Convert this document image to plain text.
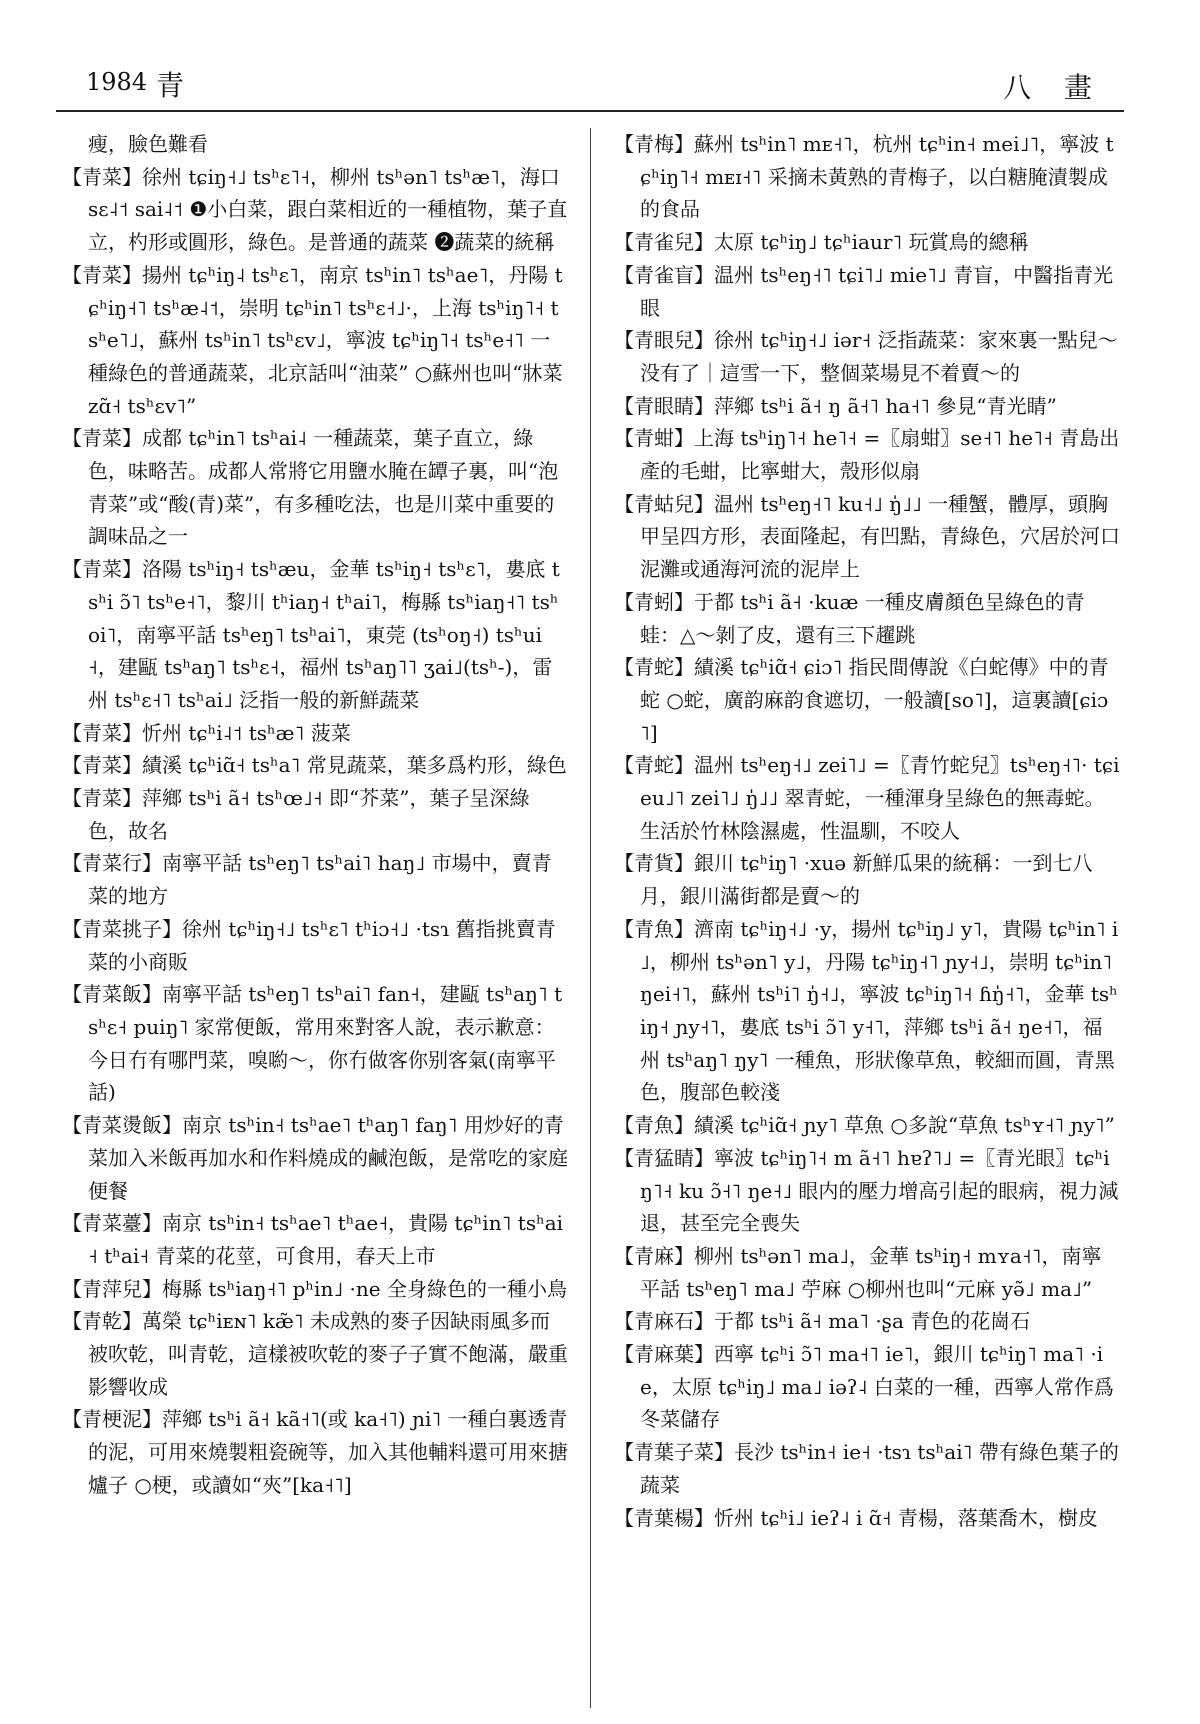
1984 青	八 畫

瘦，臉色難看

【青菜】徐州 tɕiŋ˧˩ tsʰɛ˥˧，柳州 tsʰən˥ tsʰæ˥，海口 sɛ˨˦ sai˨˦ ❶小白菜，跟白菜相近的一種植物，葉子直立，杓形或圓形，綠色。是普通的蔬菜 ❷蔬菜的統稱

【青菜】揚州 tɕʰiŋ˨ tsʰɛ˥，南京 tsʰin˥ tsʰae˥，丹陽 tɕʰiŋ˧˥ tsʰæ˨˦，崇明 tɕʰin˥ tsʰɛ˧˩·，上海 tsʰiŋ˥˧ tsʰe˥˩，蘇州 tsʰin˥ tsʰɛᴠ˩，寧波 tɕʰiŋ˥˧ tsʰe˧˥ 一種綠色的普通蔬菜，北京話叫“油菜” ○蘇州也叫“牀菜 zɑ̃˧ tsʰɛᴠ˥”

【青菜】成都 tɕʰin˥ tsʰai˨ 一種蔬菜，葉子直立，綠色，味略苦。成都人常將它用鹽水腌在罈子裏，叫“泡青菜”或“酸(青)菜”，有多種吃法，也是川菜中重要的調味品之一

【青菜】洛陽 tsʰiŋ˧ tsʰæu，金華 tsʰiŋ˧ tsʰɛ˥，婁底 tsʰi ɔ̃˥ tsʰe˧˥，黎川 tʰiaŋ˧ tʰai˥，梅縣 tsʰiaŋ˧˥ tsʰoi˥，南寧平話 tsʰeŋ˥ tsʰai˥，東莞 (tsʰoŋ˧) tsʰui˧，建甌 tsʰaŋ˥ tsʰɛ˧，福州 tsʰaŋ˥˥ ʒai˩(tsʰ-)，雷州 tsʰɛ˧˥ tsʰai˩ 泛指一般的新鮮蔬菜

【青菜】忻州 tɕʰi˨˦ tsʰæ˥ 菠菜

【青菜】績溪 tɕʰiɑ̃˧ tsʰa˥ 常見蔬菜，葉多爲杓形，綠色

【青菜】萍鄉 tsʰi ã˧ tsʰœ˩˧ 即“芥菜”，葉子呈深綠色，故名

【青菜行】南寧平話 tsʰeŋ˥ tsʰai˥ haŋ˩ 市場中，賣青菜的地方

【青菜挑子】徐州 tɕʰiŋ˧˩ tsʰɛ˥ tʰiɔ˧˩ ·tsɿ 舊指挑賣青菜的小商販

【青菜飯】南寧平話 tsʰeŋ˥ tsʰai˥ fan˧，建甌 tsʰaŋ˥ tsʰɛ˧ puiŋ˥ 家常便飯，常用來對客人說，表示歉意：今日冇有哪門菜，嗅喲～，你冇做客你别客氣(南寧平話)

【青菜燙飯】南京 tsʰin˧ tsʰae˥ tʰaŋ˥ faŋ˥ 用炒好的青菜加入米飯再加水和作料燒成的鹹泡飯，是常吃的家庭便餐

【青菜薹】南京 tsʰin˧ tsʰae˥ tʰae˧，貴陽 tɕʰin˥ tsʰai˧ tʰai˧ 青菜的花莖，可食用，春天上市

【青萍兒】梅縣 tsʰiaŋ˧˥ pʰin˩ ·ne 全身綠色的一種小鳥

【青乾】萬榮 tɕʰiᴇɴ˥ kæ̃˥ 未成熟的麥子因缺雨風多而被吹乾，叫青乾，這樣被吹乾的麥子子實不飽滿，嚴重影響收成

【青梗泥】萍鄉 tsʰi ã˧ kã˧˥(或 ka˧˥) ɲi˥ 一種白裏透青的泥，可用來燒製粗瓷碗等，加入其他輔料還可用來搪爐子 ○梗，或讀如“夾”[ka˧˥]

【青梅】蘇州 tsʰin˥ mᴇ˧˥，杭州 tɕʰin˧ mei˩˥，寧波 tɕʰiŋ˥˧ mᴇɪ˧˥ 采摘未黃熟的青梅子，以白糖腌漬製成的食品

【青雀兒】太原 tɕʰiŋ˩ tɕʰiaur˥ 玩賞鳥的總稱

【青雀盲】温州 tsʰeŋ˧˥ tɕi˥˩ mie˥˩ 青盲，中醫指青光眼

【青眼兒】徐州 tɕʰiŋ˧˩ iər˧ 泛指蔬菜：家來裏一點兒～没有了｜這雪一下，整個菜場見不着賣～的

【青眼睛】萍鄉 tsʰi ã˧ ŋ ã˧˥ ha˧˥ 參見“青光睛”

【青蚶】上海 tsʰiŋ˥˧ he˥˧ =〖扇蚶〗se˧˥ he˥˧ 青島出產的毛蚶，比寧蚶大，殼形似扇

【青蛄兒】温州 tsʰeŋ˧˥ ku˧˩ ŋ̍˩˩ 一種蟹，體厚，頭胸甲呈四方形，表面隆起，有凹點，青綠色，穴居於河口泥灘或通海河流的泥岸上

【青蚓】于都 tsʰi ã˧ ·kuæ 一種皮膚顏色呈綠色的青蛙：△～剝了皮，還有三下趯跳

【青蛇】績溪 tɕʰiɑ̃˧ ɕiɔ˥ 指民間傳說《白蛇傳》中的青蛇 ○蛇，廣韵麻韵食遮切，一般讀[so˥]，這裏讀[ɕiɔ˥]

【青蛇】温州 tsʰeŋ˧˩ zei˥˩ =〖青竹蛇兒〗tsʰeŋ˧˥· tɕieu˩˥ zei˥˩ ŋ̍˩˩ 翠青蛇，一種渾身呈綠色的無毒蛇。生活於竹林陰濕處，性温馴，不咬人

【青貨】銀川 tɕʰiŋ˥ ·xuə 新鮮瓜果的統稱：一到七八月，銀川滿街都是賣～的

【青魚】濟南 tɕʰiŋ˧˩ ·y，揚州 tɕʰiŋ˩ y˥，貴陽 tɕʰin˥ i˩，柳州 tsʰən˥ y˩，丹陽 tɕʰiŋ˧˥ ɲy˧˩，崇明 tɕʰin˥ ŋei˧˥，蘇州 tsʰi˥ ŋ̍˧˩，寧波 tɕʰiŋ˥˧ ɦŋ̍˧˥，金華 tsʰiŋ˧ ɲy˧˥，婁底 tsʰi ɔ̃˥ y˧˥，萍鄉 tsʰi ã˧ ŋe˧˥，福州 tsʰaŋ˥ ŋy˥ 一種魚，形狀像草魚，較細而圓，青黑色，腹部色較淺

【青魚】績溪 tɕʰiɑ̃˧ ɲy˥ 草魚 ○多說“草魚 tsʰʏ˧˥ ɲy˥”

【青猛睛】寧波 tɕʰiŋ˥˧ m ã˧˥ hɐʔ˥˩ =〖青光眼〗tɕʰiŋ˥˧ ku ɔ̃˧˥ ŋe˧˩ 眼内的壓力增高引起的眼病，視力減退，甚至完全喪失

【青麻】柳州 tsʰən˥ ma˩，金華 tsʰiŋ˧ mʏa˧˥，南寧平話 tsʰeŋ˥ ma˩ 苧麻 ○柳州也叫“元麻 yə̃˩ ma˩”

【青麻石】于都 tsʰi ã˧ ma˥ ·ʂa 青色的花崗石

【青麻葉】西寧 tɕʰi ɔ̃˥ ma˧˥ ie˥，銀川 tɕʰiŋ˥ ma˥ ·ie，太原 tɕʰiŋ˩ ma˩ iəʔ˨ 白菜的一種，西寧人常作爲冬菜儲存

【青葉子菜】長沙 tsʰin˧ ie˧ ·tsɿ tsʰai˥ 帶有綠色葉子的蔬菜

【青葉楊】忻州 tɕʰi˩ ieʔ˨ i ɑ̃˧ 青楊，落葉喬木，樹皮
